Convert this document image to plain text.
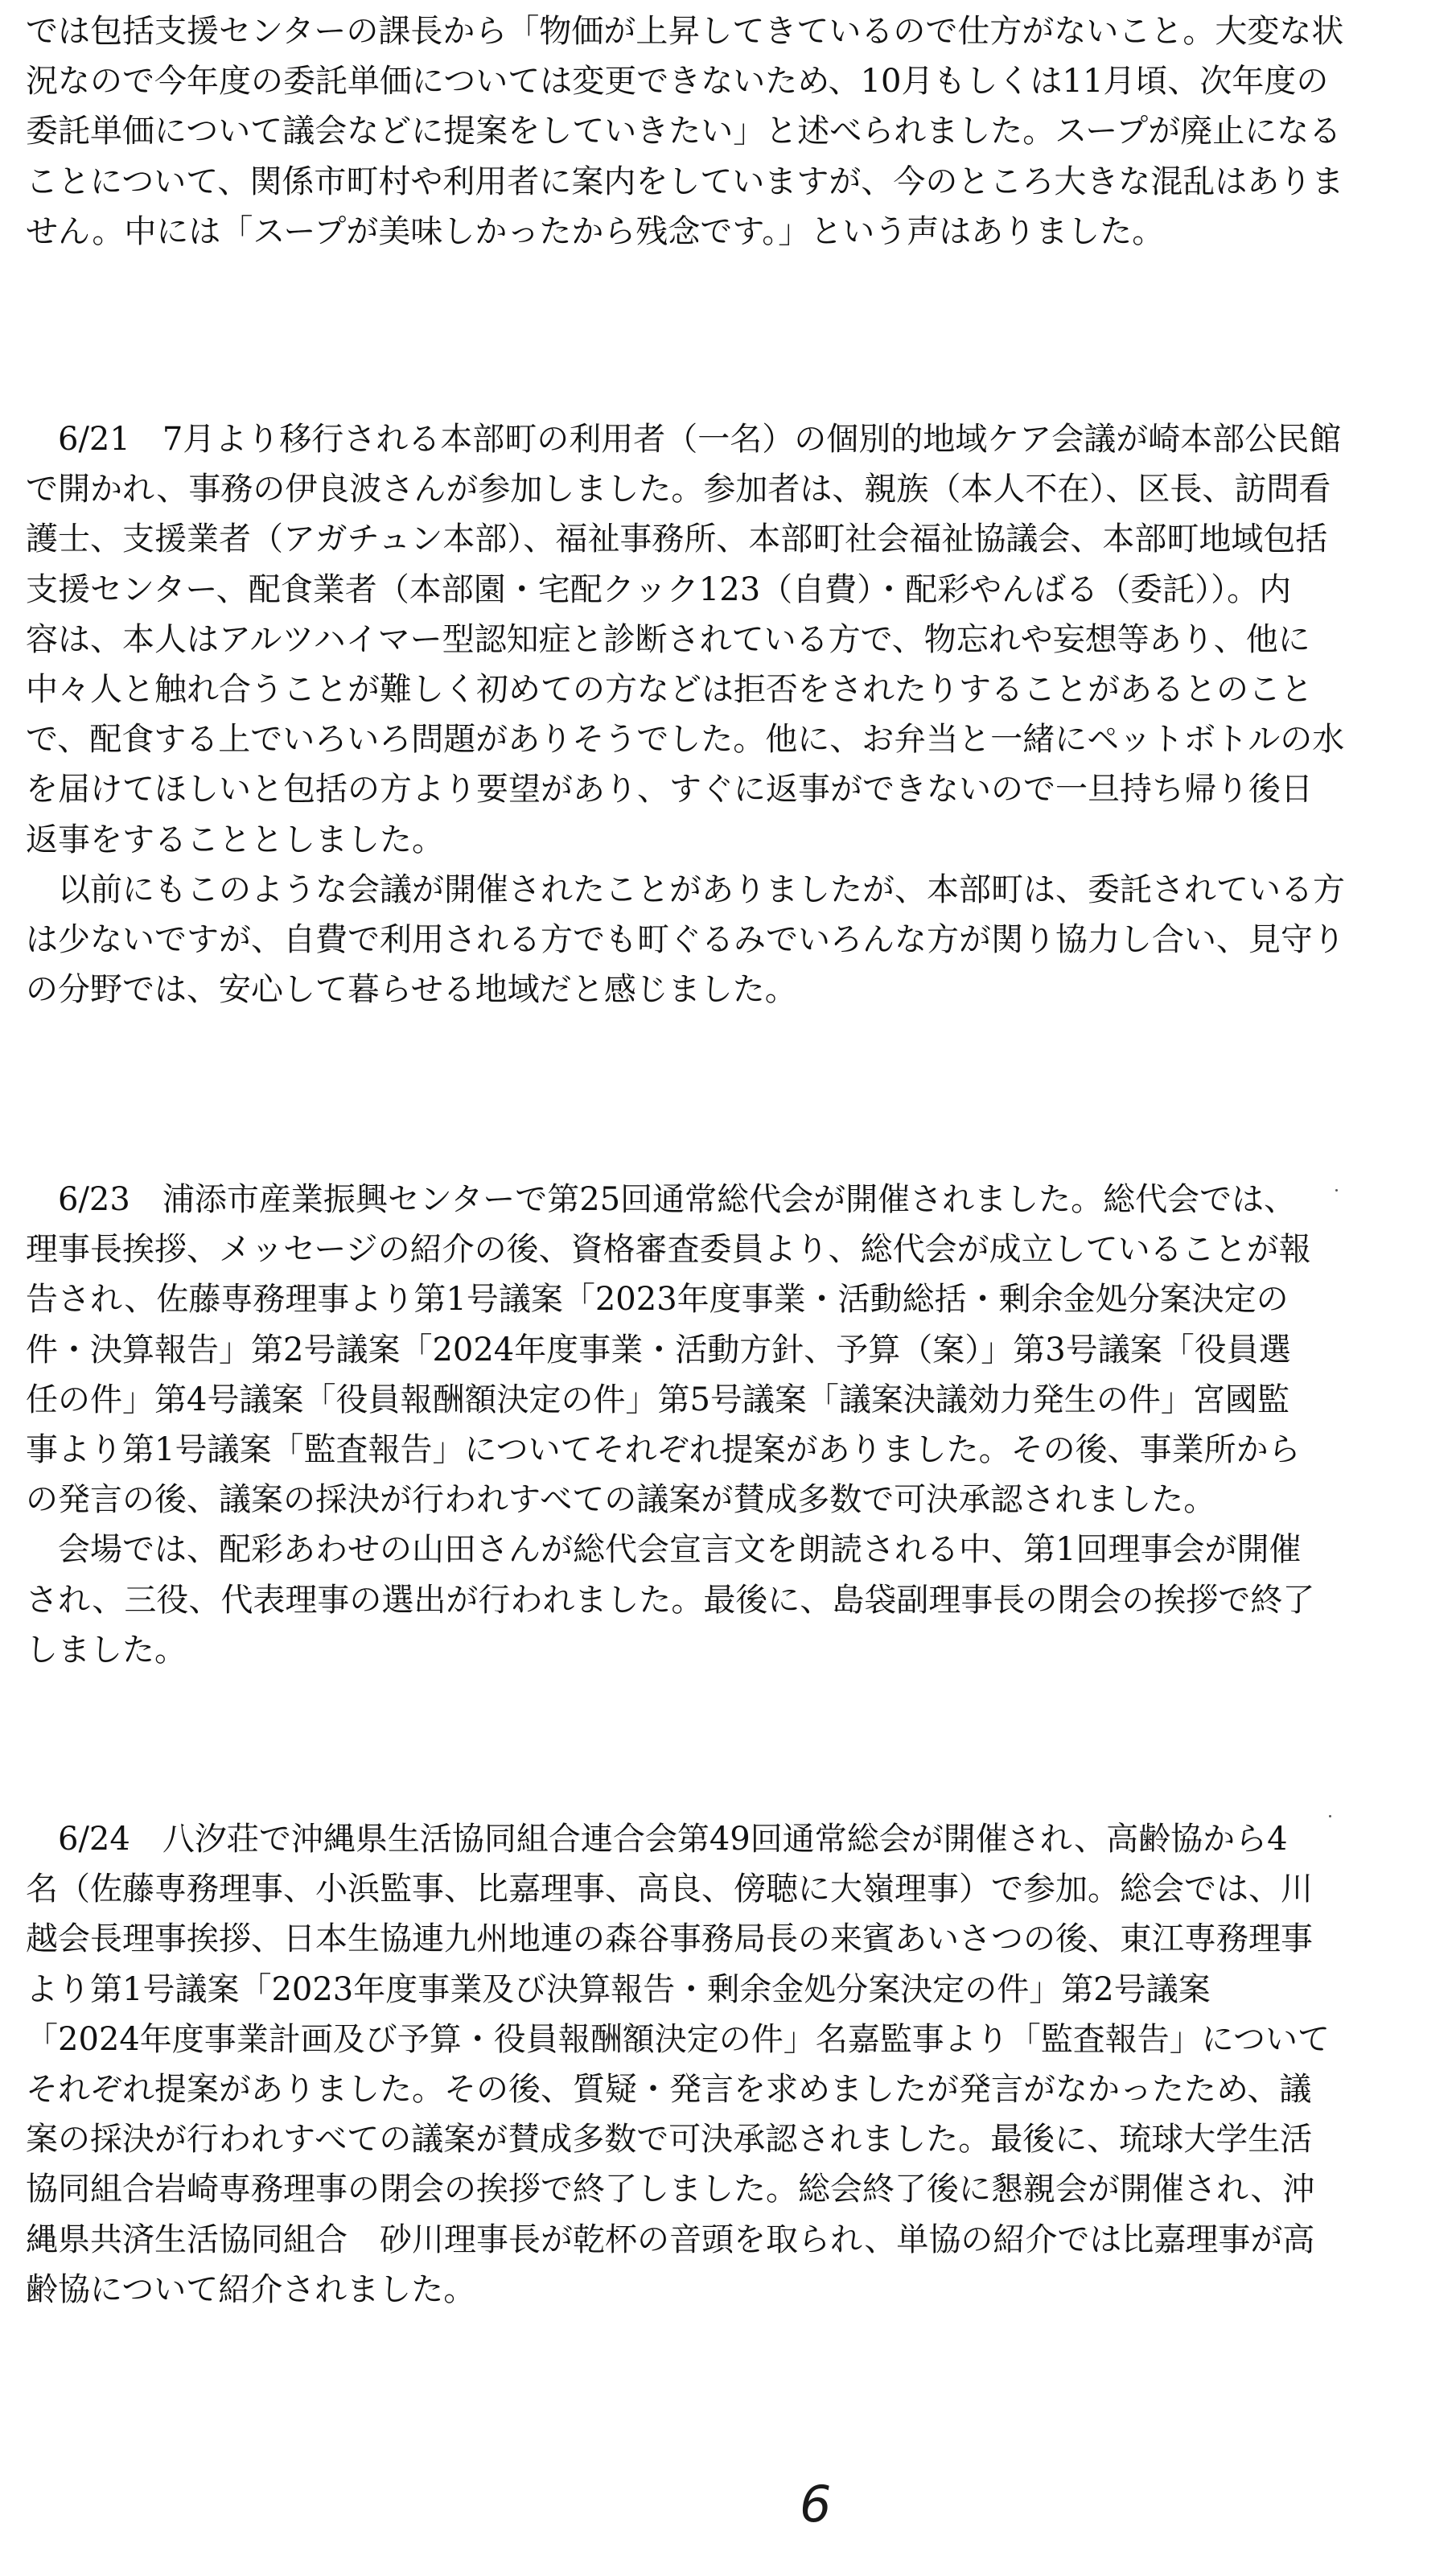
では包括支援センターの課長から「物価が上昇してきているので仕方がないこと。大変な状
況なので今年度の委託単価については変更できないため、10月もしくは11月頃、次年度の
委託単価について議会などに提案をしていきたい」と述べられました。スープが廃止になる
ことについて、関係市町村や利用者に案内をしていますが、今のところ大きな混乱はありま
せん。中には「スープが美味しかったから残念です。」という声はありました。
　6/21　7月より移行される本部町の利用者（一名）の個別的地域ケア会議が崎本部公民館
で開かれ、事務の伊良波さんが参加しました。参加者は、親族（本人不在）、区長、訪問看
護士、支援業者（アガチュン本部）、福祉事務所、本部町社会福祉協議会、本部町地域包括
支援センター、配食業者（本部園・宅配クック123（自費）・配彩やんばる（委託））。内
容は、本人はアルツハイマー型認知症と診断されている方で、物忘れや妄想等あり、他に
中々人と触れ合うことが難しく初めての方などは拒否をされたりすることがあるとのこと
で、配食する上でいろいろ問題がありそうでした。他に、お弁当と一緒にペットボトルの水
を届けてほしいと包括の方より要望があり、すぐに返事ができないので一旦持ち帰り後日
返事をすることとしました。
　以前にもこのような会議が開催されたことがありましたが、本部町は、委託されている方
は少ないですが、自費で利用される方でも町ぐるみでいろんな方が関り協力し合い、見守り
の分野では、安心して暮らせる地域だと感じました。
　6/23　浦添市産業振興センターで第25回通常総代会が開催されました。総代会では、
理事長挨拶、メッセージの紹介の後、資格審査委員より、総代会が成立していることが報
告され、佐藤専務理事より第1号議案「2023年度事業・活動総括・剰余金処分案決定の
件・決算報告」第2号議案「2024年度事業・活動方針、予算（案）」第3号議案「役員選
任の件」第4号議案「役員報酬額決定の件」第5号議案「議案決議効力発生の件」宮國監
事より第1号議案「監査報告」についてそれぞれ提案がありました。その後、事業所から
の発言の後、議案の採決が行われすべての議案が賛成多数で可決承認されました。
　会場では、配彩あわせの山田さんが総代会宣言文を朗読される中、第1回理事会が開催
され、三役、代表理事の選出が行われました。最後に、島袋副理事長の閉会の挨拶で終了
しました。
　6/24　八汐荘で沖縄県生活協同組合連合会第49回通常総会が開催され、高齢協から4
名（佐藤専務理事、小浜監事、比嘉理事、高良、傍聴に大嶺理事）で参加。総会では、川
越会長理事挨拶、日本生協連九州地連の森谷事務局長の来賓あいさつの後、東江専務理事
より第1号議案「2023年度事業及び決算報告・剰余金処分案決定の件」第2号議案
「2024年度事業計画及び予算・役員報酬額決定の件」名嘉監事より「監査報告」について
それぞれ提案がありました。その後、質疑・発言を求めましたが発言がなかったため、議
案の採決が行われすべての議案が賛成多数で可決承認されました。最後に、琉球大学生活
協同組合岩崎専務理事の閉会の挨拶で終了しました。総会終了後に懇親会が開催され、沖
縄県共済生活協同組合　砂川理事長が乾杯の音頭を取られ、単協の紹介では比嘉理事が高
齢協について紹介されました。
6
